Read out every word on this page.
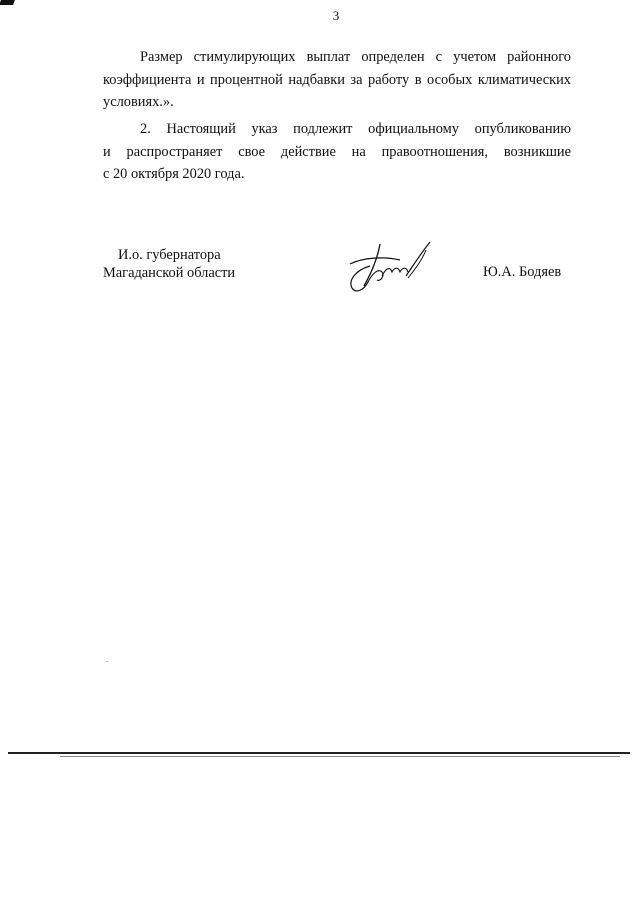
3
Размер стимулирующих выплат определен с учетом районного
коэффициента и процентной надбавки за работу в особых климатических
условиях.».
2. Настоящий указ подлежит официальному опубликованию
и распространяет свое действие на правоотношения, возникшие
с 20 октября 2020 года.
И.о. губернатора
Магаданской области	Ю.А. Бодяев
